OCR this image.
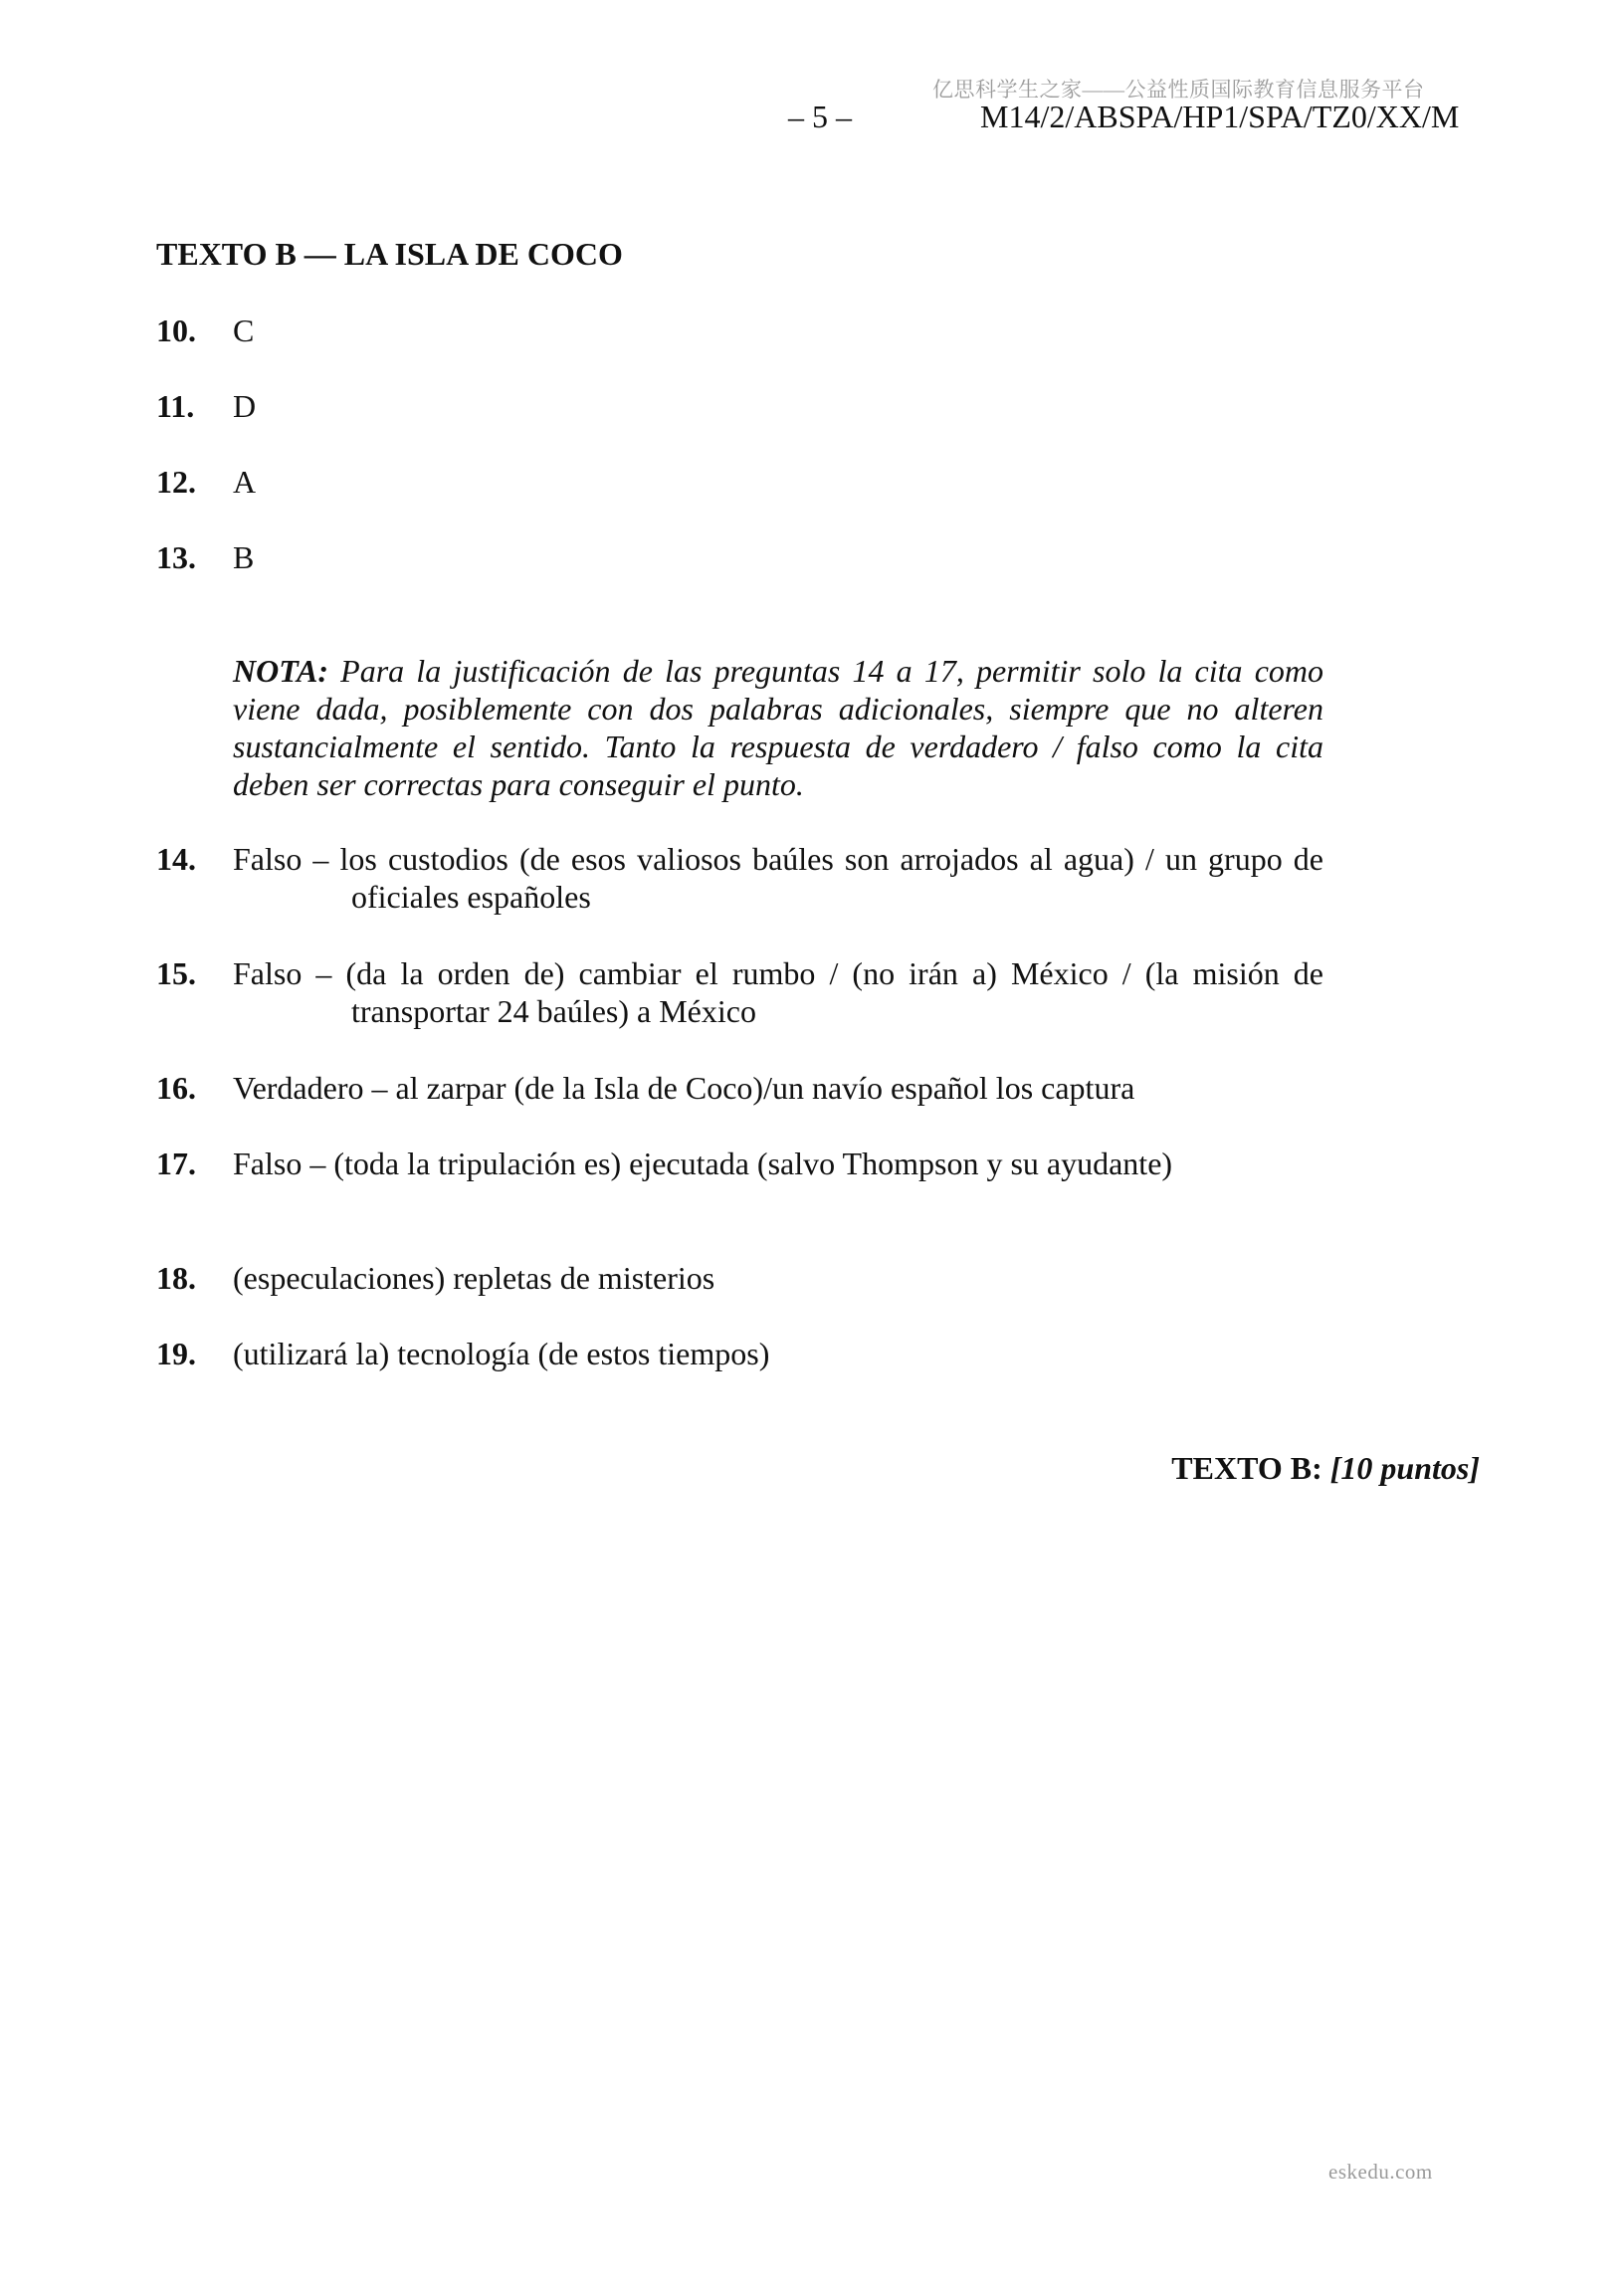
亿思科学生之家——公益性质国际教育信息服务平台
– 5 –	M14/2/ABSPA/HP1/SPA/TZ0/XX/M
TEXTO B — LA ISLA DE COCO
10.	C
11.	D
12.	A
13.	B
NOTA: Para la justificación de las preguntas 14 a 17, permitir solo la cita como
viene dada, posiblemente con dos palabras adicionales, siempre que no alteren
sustancialmente el sentido. Tanto la respuesta de verdadero / falso como la cita
deben ser correctas para conseguir el punto.
14.	Falso – los custodios (de esos valiosos baúles son arrojados al agua) / un grupo de
oficiales españoles
15.	Falso – (da la orden de) cambiar el rumbo / (no irán a) México / (la misión de
transportar 24 baúles) a México
16.	Verdadero – al zarpar (de la Isla de Coco)/un navío español los captura
17.	Falso – (toda la tripulación es) ejecutada (salvo Thompson y su ayudante)
18.	(especulaciones) repletas de misterios
19.	(utilizará la) tecnología (de estos tiempos)
TEXTO B: [10 puntos]
eskedu.com
